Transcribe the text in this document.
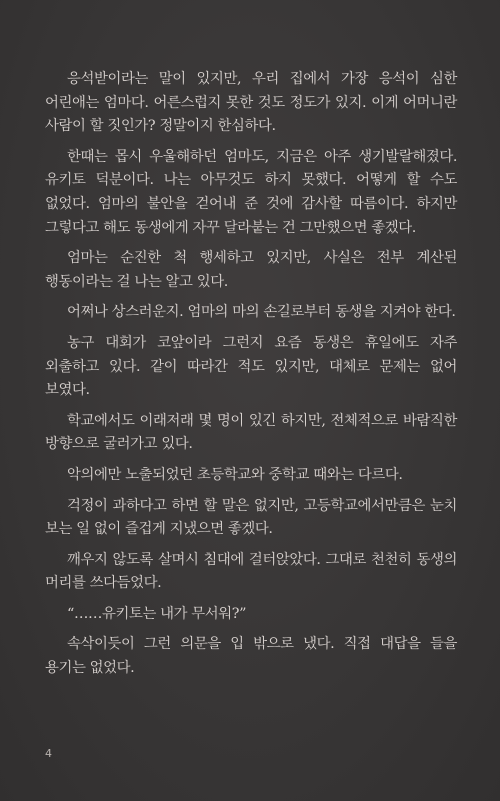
응석받이라는 말이 있지만, 우리 집에서 가장 응석이 심한 어린애는 엄마다. 어른스럽지 못한 것도 정도가 있지. 이게 어머니란 사람이 할 짓인가? 정말이지 한심하다.

한때는 몹시 우울해하던 엄마도, 지금은 아주 생기발랄해졌다. 유키토 덕분이다. 나는 아무것도 하지 못했다. 어떻게 할 수도 없었다. 엄마의 불안을 걷어내 준 것에 감사할 따름이다. 하지만 그렇다고 해도 동생에게 자꾸 달라붙는 건 그만했으면 좋겠다.

엄마는 순진한 척 행세하고 있지만, 사실은 전부 계산된 행동이라는 걸 나는 알고 있다.

어쩌나 상스러운지. 엄마의 마의 손길로부터 동생을 지켜야 한다.

농구 대회가 코앞이라 그런지 요즘 동생은 휴일에도 자주 외출하고 있다. 같이 따라간 적도 있지만, 대체로 문제는 없어 보였다.

학교에서도 이래저래 몇 명이 있긴 하지만, 전체적으로 바람직한 방향으로 굴러가고 있다.

악의에만 노출되었던 초등학교와 중학교 때와는 다르다.

걱정이 과하다고 하면 할 말은 없지만, 고등학교에서만큼은 눈치 보는 일 없이 즐겁게 지냈으면 좋겠다.

깨우지 않도록 살며시 침대에 걸터앉았다. 그대로 천천히 동생의 머리를 쓰다듬었다.

“……유키토는 내가 무서워?”

속삭이듯이 그런 의문을 입 밖으로 냈다. 직접 대답을 들을 용기는 없었다.

4
